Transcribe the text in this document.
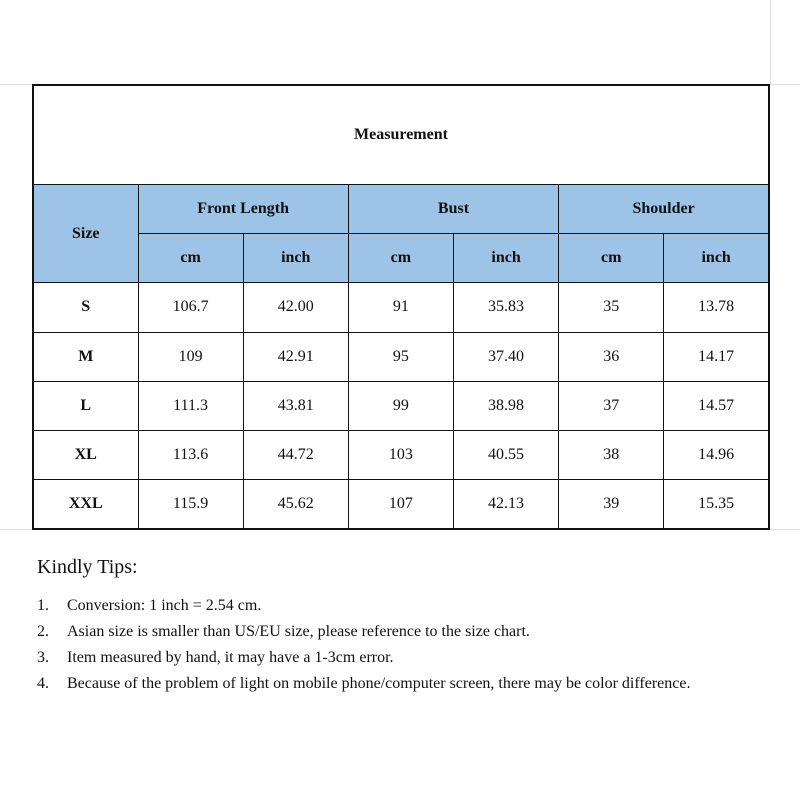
Measurement						
Size	Front Length		Bust		Shoulder	
	cm	inch	cm	inch	cm	inch
S	106.7	42.00	91	35.83	35	13.78
M	109	42.91	95	37.40	36	14.17
L	111.3	43.81	99	38.98	37	14.57
XL	113.6	44.72	103	40.55	38	14.96
XXL	115.9	45.62	107	42.13	39	15.35

Kindly Tips:

1. Conversion: 1 inch = 2.54 cm.
2. Asian size is smaller than US/EU size, please reference to the size chart.
3. Item measured by hand, it may have a 1-3cm error.
4. Because of the problem of light on mobile phone/computer screen, there may be color difference.
